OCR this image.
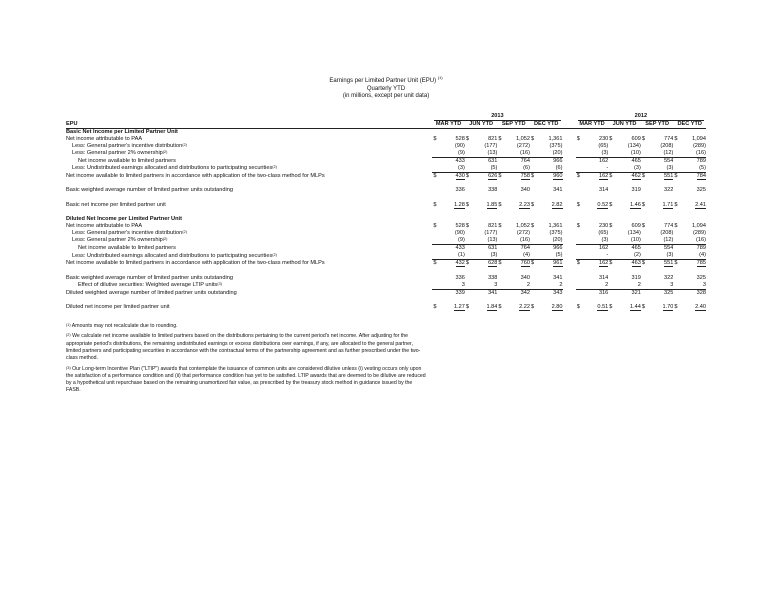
Earnings per Limited Partner Unit (EPU) $^{(1)}$
Quarterly YTD
(in millions, except per unit data)

	2013					2012			

EPU	MAR YTD	JUN YTD	SEP YTD	DEC YTD		MAR YTD	JUN YTD	SEP YTD	DEC YTD
Basic Net Income per Limited Partner Unit									
Net income attributable to PAA	$ 528	$ 821	$ 1,052	$ 1,361		$ 230	$ 609	$ 774	$ 1,094
Less: General partner's incentive distribution$^{(2)}$	(90)	(177)	(272)	(375)		(65)	(134)	(208)	(289)
Less: General partner 2% ownership$^{(2)}$	(9)	(13)	(16)	(20)		(3)	(10)	(12)	(16)
Net income available to limited partners	433	631	764	966		162	465	554	789
Less: Undistributed earnings allocated and distributions to participating securities$^{(2)}$	(3)	(5)	(6)	(6)		-	(3)	(3)	(5)
Net income available to limited partners in accordance with application of the two-class method for MLPs	$ 430	$ 626	$ 758	$ 960		$ 162	$ 462	$ 551	$ 784

Basic weighted average number of limited partner units outstanding	336	338	340	341		314	319	322	325

Basic net income per limited partner unit	$ 1.28	$ 1.85	$ 2.23	$ 2.82		$ 0.52	$ 1.46	$ 1.71	$ 2.41

Diluted Net Income per Limited Partner Unit									
Net income attributable to PAA	$ 528	$ 821	$ 1,052	$ 1,361		$ 230	$ 609	$ 774	$ 1,094
Less: General partner's incentive distribution$^{(2)}$	(90)	(177)	(272)	(375)		(65)	(134)	(208)	(289)
Less: General partner 2% ownership$^{(2)}$	(9)	(13)	(16)	(20)		(3)	(10)	(12)	(16)
Net income available to limited partners	433	631	764	966		162	465	554	789
Less: Undistributed earnings allocated and distributions to participating securities$^{(2)}$	(1)	(3)	(4)	(5)		-	(2)	(3)	(4)
Net income available to limited partners in accordance with application of the two-class method for MLPs	$ 432	$ 628	$ 760	$ 961		$ 162	$ 463	$ 551	$ 785

Basic weighted average number of limited partner units outstanding	336	338	340	341		314	319	322	325
Effect of dilutive securities: Weighted average LTIP units$^{(3)}$	3	3	2	2		2	2	3	3
Diluted weighted average number of limited partner units outstanding	339	341	342	343		316	321	325	328

Diluted net income per limited partner unit	$ 1.27	$ 1.84	$ 2.22	$ 2.80		$ 0.51	$ 1.44	$ 1.70	$ 2.40

$^{(1)}$ Amounts may not recalculate due to rounding.

$^{(2)}$ We calculate net income available to limited partners based on the distributions pertaining to the current period's net income. After adjusting for the appropriate period's distributions, the remaining undistributed earnings or excess distributions over earnings, if any, are allocated to the general partner, limited partners and participating securities in accordance with the contractual terms of the partnership agreement and as further prescribed under the two-class method.

$^{(3)}$ Our Long-term Incentive Plan ("LTIP") awards that contemplate the issuance of common units are considered dilutive unless (i) vesting occurs only upon the satisfaction of a performance condition and (ii) that performance condition has yet to be satisfied. LTIP awards that are deemed to be dilutive are reduced by a hypothetical unit repurchase based on the remaining unamortized fair value, as prescribed by the treasury stock method in guidance issued by the FASB.
